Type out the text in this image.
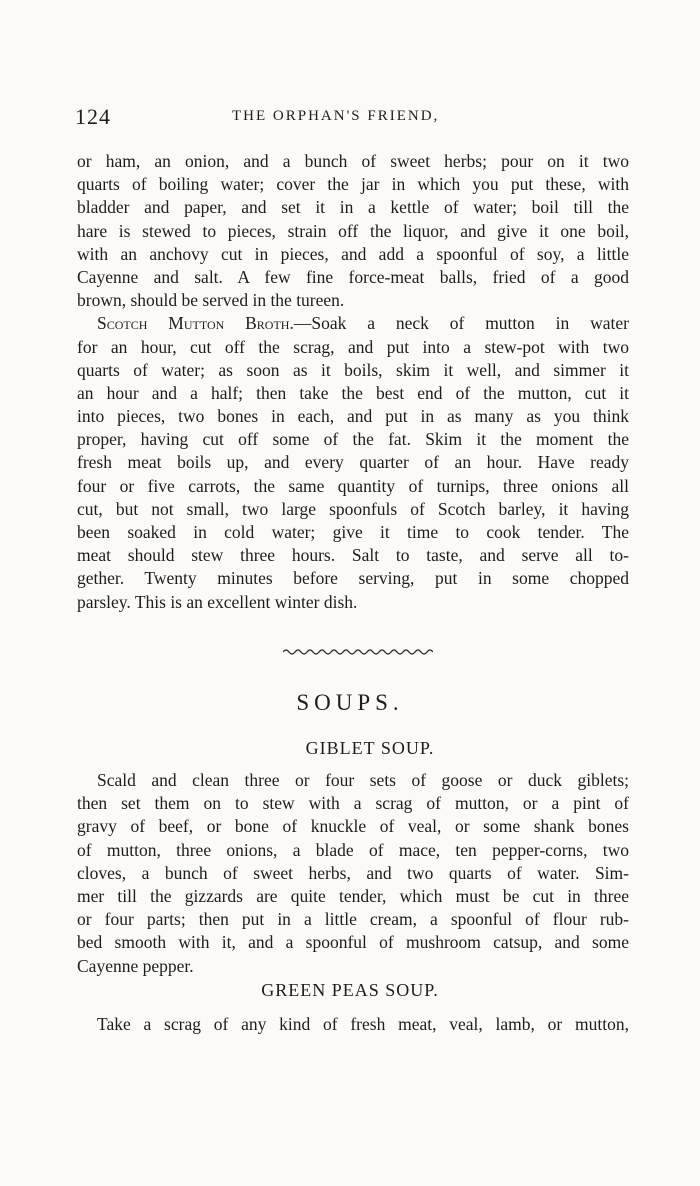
124	THE ORPHAN'S FRIEND,
or ham, an onion, and a bunch of sweet herbs; pour on it two
quarts of boiling water; cover the jar in which you put these, with
bladder and paper, and set it in a kettle of water; boil till the
hare is stewed to pieces, strain off the liquor, and give it one boil,
with an anchovy cut in pieces, and add a spoonful of soy, a little
Cayenne and salt. A few fine force-meat balls, fried of a good
brown, should be served in the tureen.
Scotch Mutton Broth.—Soak a neck of mutton in water
for an hour, cut off the scrag, and put into a stew-pot with two
quarts of water; as soon as it boils, skim it well, and simmer it
an hour and a half; then take the best end of the mutton, cut it
into pieces, two bones in each, and put in as many as you think
proper, having cut off some of the fat. Skim it the moment the
fresh meat boils up, and every quarter of an hour. Have ready
four or five carrots, the same quantity of turnips, three onions all
cut, but not small, two large spoonfuls of Scotch barley, it having
been soaked in cold water; give it time to cook tender. The
meat should stew three hours. Salt to taste, and serve all to-
gether. Twenty minutes before serving, put in some chopped
parsley. This is an excellent winter dish.
SOUPS.
GIBLET SOUP.
Scald and clean three or four sets of goose or duck giblets;
then set them on to stew with a scrag of mutton, or a pint of
gravy of beef, or bone of knuckle of veal, or some shank bones
of mutton, three onions, a blade of mace, ten pepper-corns, two
cloves, a bunch of sweet herbs, and two quarts of water. Sim-
mer till the gizzards are quite tender, which must be cut in three
or four parts; then put in a little cream, a spoonful of flour rub-
bed smooth with it, and a spoonful of mushroom catsup, and some
Cayenne pepper.
GREEN PEAS SOUP.
Take a scrag of any kind of fresh meat, veal, lamb, or mutton,
